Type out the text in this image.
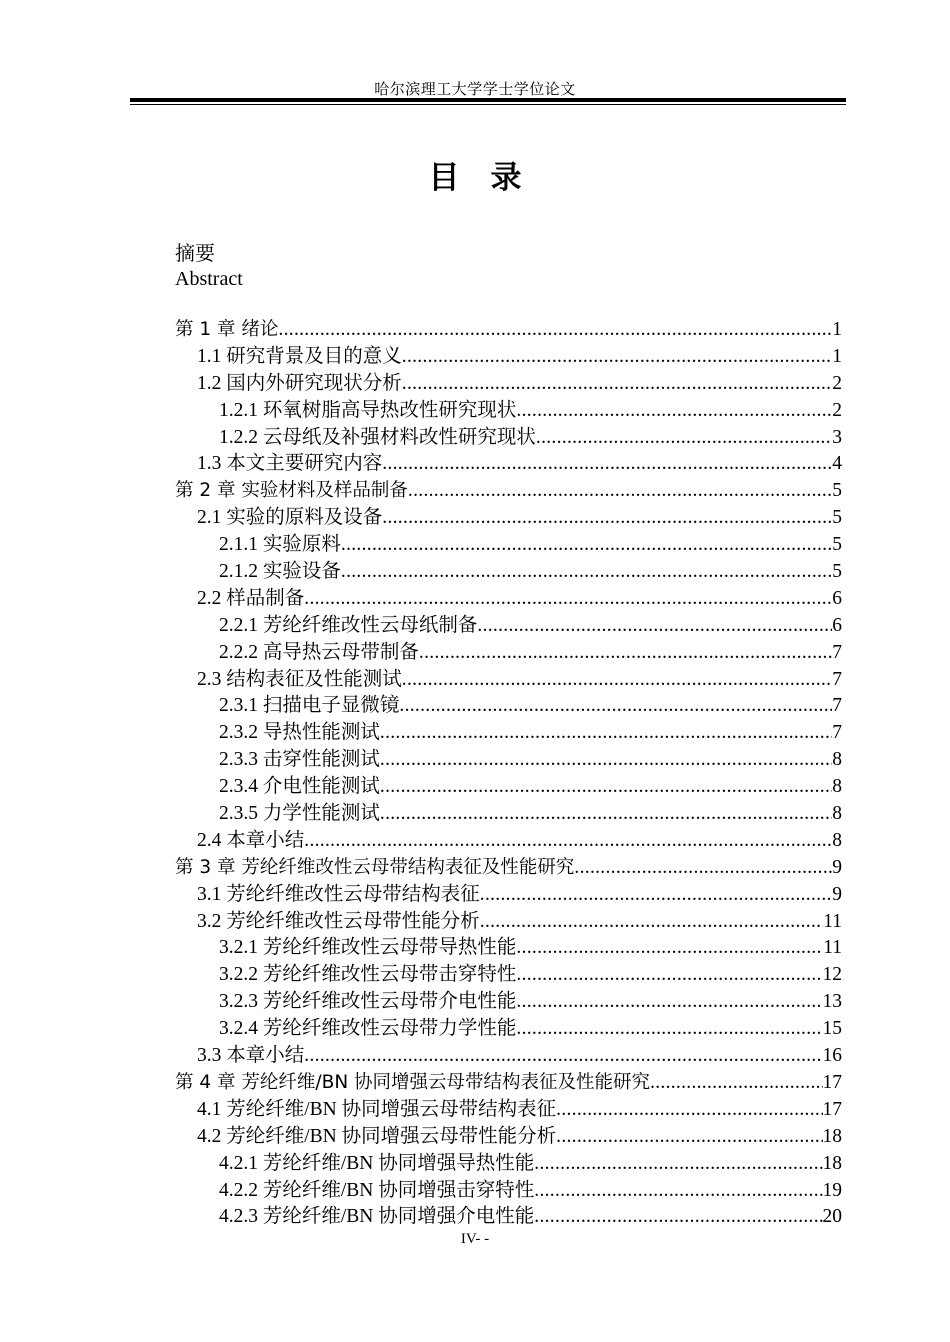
哈尔滨理工大学学士学位论文
目　录
摘要
Abstract
第 1 章 绪论 .....	1
1.1 研究背景及目的意义 .....	1
1.2 国内外研究现状分析 .....	2
1.2.1 环氧树脂高导热改性研究现状 .....	2
1.2.2 云母纸及补强材料改性研究现状 .....	3
1.3 本文主要研究内容 .....	4
第 2 章 实验材料及样品制备 .....	5
2.1 实验的原料及设备 .....	5
2.1.1 实验原料 .....	5
2.1.2 实验设备 .....	5
2.2 样品制备 .....	6
2.2.1 芳纶纤维改性云母纸制备 .....	6
2.2.2 高导热云母带制备 .....	7
2.3 结构表征及性能测试 .....	7
2.3.1 扫描电子显微镜 .....	7
2.3.2 导热性能测试 .....	7
2.3.3 击穿性能测试 .....	8
2.3.4 介电性能测试 .....	8
2.3.5 力学性能测试 .....	8
2.4 本章小结 .....	8
第 3 章 芳纶纤维改性云母带结构表征及性能研究 .....	9
3.1 芳纶纤维改性云母带结构表征 .....	9
3.2 芳纶纤维改性云母带性能分析 .....	11
3.2.1 芳纶纤维改性云母带导热性能 .....	11
3.2.2 芳纶纤维改性云母带击穿特性 .....	12
3.2.3 芳纶纤维改性云母带介电性能 .....	13
3.2.4 芳纶纤维改性云母带力学性能 .....	15
3.3 本章小结 .....	16
第 4 章 芳纶纤维/BN 协同增强云母带结构表征及性能研究 .....	17
4.1 芳纶纤维/BN 协同增强云母带结构表征 .....	17
4.2 芳纶纤维/BN 协同增强云母带性能分析 .....	18
4.2.1 芳纶纤维/BN 协同增强导热性能 .....	18
4.2.2 芳纶纤维/BN 协同增强击穿特性 .....	19
4.2.3 芳纶纤维/BN 协同增强介电性能 .....	20
IV- -
